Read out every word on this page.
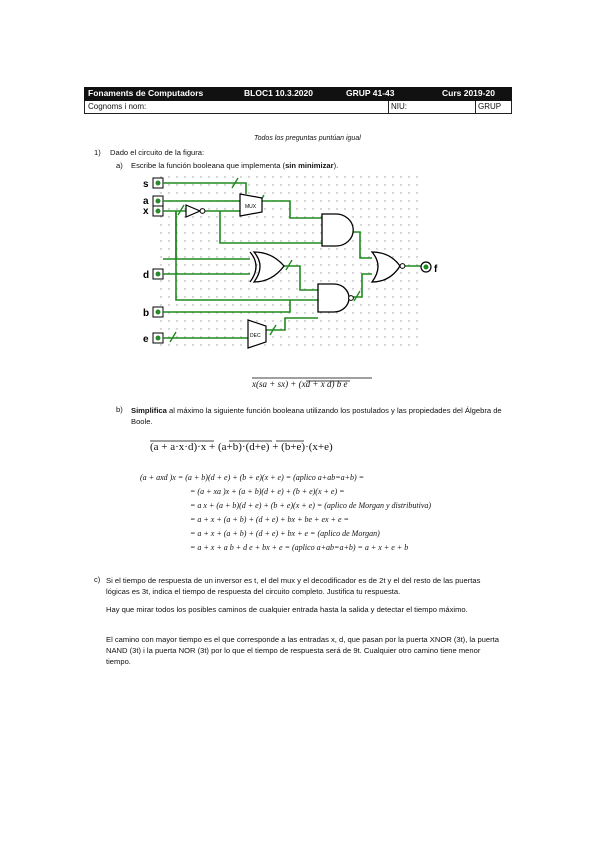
Fonaments de Computadors	BLOC1 10.3.2020	GRUP 41-43	Curs 2019-20
Cognoms i nom:	NIU:	GRUP
Todos los preguntas puntúan igual
1) Dado el circuito de la figura:
a) Escribe la función booleana que implementa (sin minimizar).
s
a
x
d
b
e
f
MUX
DEC
x(sa + sx) + (xd + x d) b e
b) Simplifica al máximo la siguiente función booleana utilizando los postulados y las propiedades del Álgebra de Boole.
(a + a·x·d)·x + (a+b)·(d+e) + (b+e)·(x+e)
(a + axd )x = (a + b)(d + e) + (b + e)(x + e) = (aplico a+ab=a+b) =
= (a + xa )x + (a + b)(d + e) + (b + e)(x + e) =
= a x + (a + b)(d + e) + (b + e)(x + e) = (aplico de Morgan y distributiva)
= a + x + (a + b) + (d + e) + bx + be + ex + e =
= a + x + (a + b) + (d + e) + bx + e = (aplico de Morgan)
= a + x + a b + d e + bx + e = (aplico a+ab=a+b) = a + x + e + b
c) Si el tiempo de respuesta de un inversor es t, el del mux y el decodificador es de 2t y el del resto de las puertas lógicas es 3t, indica el tiempo de respuesta del circuito completo. Justifica tu respuesta.
Hay que mirar todos los posibles caminos de cualquier entrada hasta la salida y detectar el tiempo máximo.
El camino con mayor tiempo es el que corresponde a las entradas x, d, que pasan por la puerta XNOR (3t), la puerta NAND (3t) i la puerta NOR (3t) por lo que el tiempo de respuesta será de 9t. Cualquier otro camino tiene menor tiempo.
